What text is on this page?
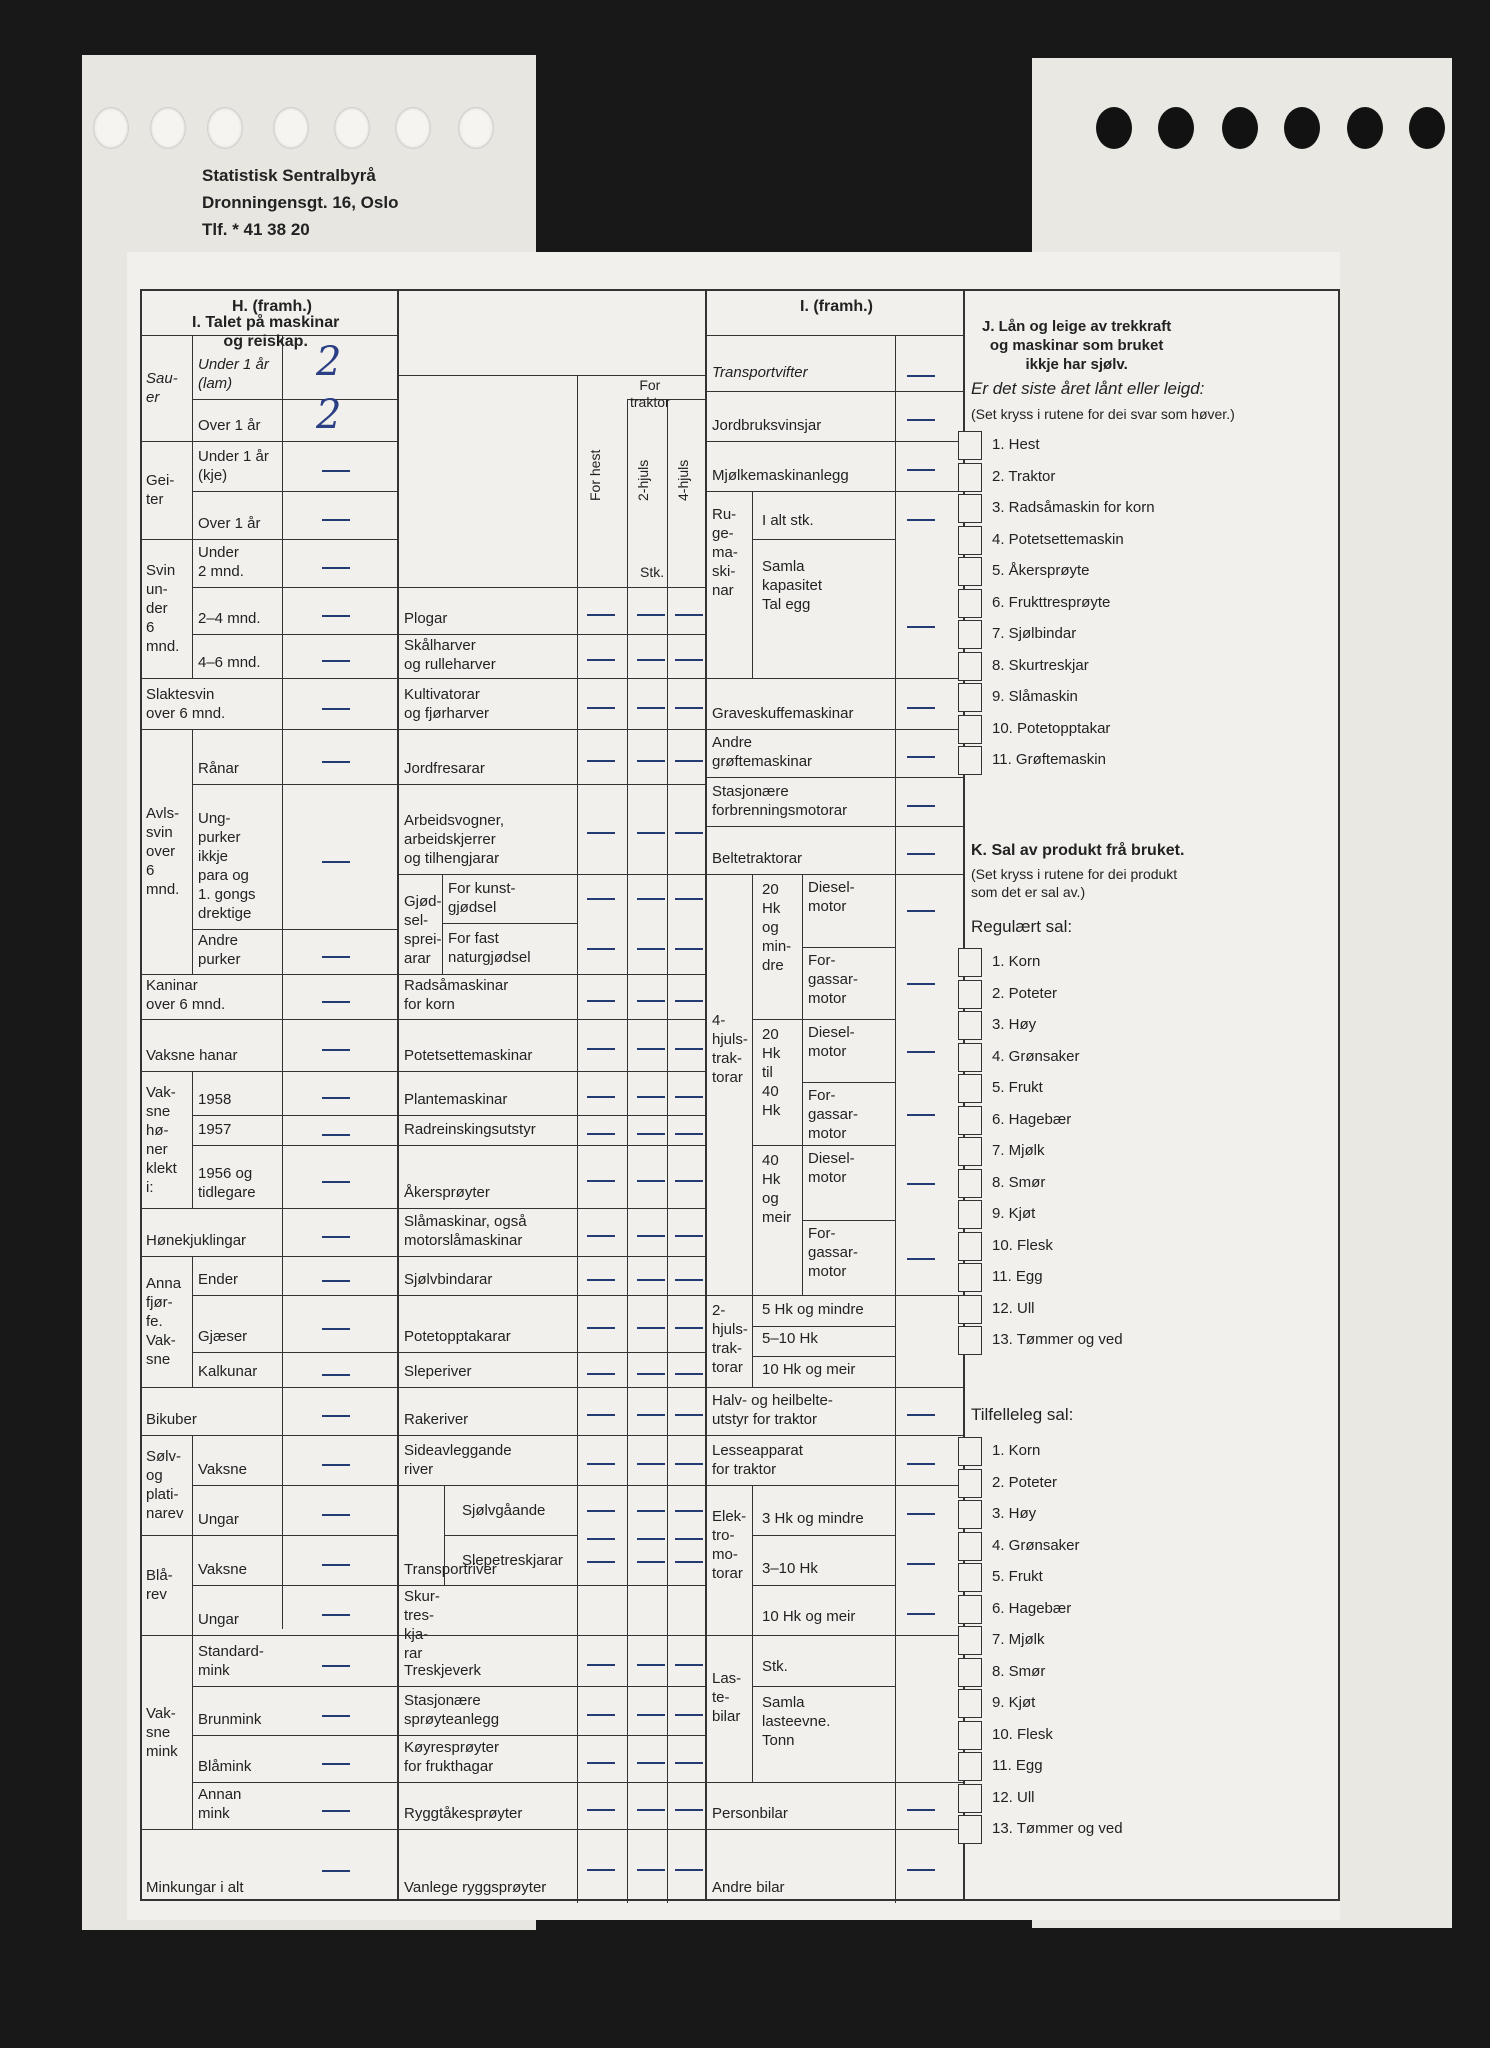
Statistisk Sentralbyrå
Dronningensgt. 16, Oslo
Tlf. * 41 38 20
H. (framh.)
Sau-
er
Gei-
ter
Svin
un-
der
6
mnd.
Avls-
svin
over
6
mnd.
Vak-
sne
hø-
ner
klekt
i:
Anna
fjør-
fe.
Vak-
sne
Sølv-
og
plati-
narev
Blå-
rev
Vak-
sne
mink
Under 1 år
(lam)	2
Over 1 år 2
Under 1 år
(kje)
Over 1 år
Under
2 mnd.
2–4 mnd.
4–6 mnd.
Slaktesvin
over 6 mnd.
Rånar
Ung-
purker
ikkje
para og
1. gongs
drektige
Andre
purker
Kaninar
over 6 mnd.
Vaksne hanar
1958
1957
1956 og
tidlegare
Hønekjuklingar
Ender
Gjæser
Kalkunar
Bikuber
Vaksne
Ungar
Vaksne
Ungar
Standard-
mink
Brunmink
Blåmink
Annan
mink
Minkungar i alt
I. Talet på maskinar
og reiskap.
For
traktor
For hest 2-hjuls 4-hjuls
Stk.
Plogar
Skålharver
og rulleharver
Kultivatorar
og fjørharver
Jordfresarar
Arbeidsvogner,
arbeidskjerrer
og tilhengjarar
Gjød-
sel-
sprei-
arar
Radsåmaskinar
for korn
Potetsettemaskinar
Plantemaskinar
Radreinskingsutstyr
Åkersprøyter
Slåmaskinar, også
motorslåmaskinar
Sjølvbindarar
Potetopptakarar
Sleperiver
Rakeriver
Sideavleggande
river
Transportriver
Skur-
tres-
kja-
rar
Treskjeverk
Stasjonære
sprøyteanlegg
Køyresprøyter
for frukthagar
Ryggtåkesprøyter
Vanlege ryggsprøyter
For kunst-
gjødsel
For fast
naturgjødsel
Sjølvgåande
Slepetreskjarar
I. (framh.)
Transportvifter
Jordbruksvinsjar
Mjølkemaskinanlegg
Graveskuffemaskinar
Andre
grøftemaskinar
Stasjonære
forbrenningsmotorar
Beltetraktorar
Halv- og heilbelte-
utstyr for traktor
Lesseapparat
for traktor
Personbilar
Andre bilar
Ru-
ge-
ma-
ski-
nar
I alt stk.
Samla
kapasitet
Tal egg
4-
hjuls-
trak-
torar
20
Hk
og
min-
dre
Diesel-
motor
For-
gassar-
motor
20
Hk
til
40
Hk
Diesel-
motor
For-
gassar-
motor
40
Hk
og
meir
Diesel-
motor
For-
gassar-
motor
2-
hjuls-
trak-
torar
5 Hk og mindre
5–10 Hk
10 Hk og meir
Elek-
tro-
mo-
torar
3 Hk og mindre
3–10 Hk
10 Hk og meir
Las-
te-
bilar
Stk.
Samla
lasteevne.
Tonn
J. Lån og leige av trekkraft
og maskinar som bruket
ikkje har sjølv.
Er det siste året lånt eller leigd:
(Set kryss i rutene for dei svar som høver.)
1. Hest
2. Traktor
3. Radsåmaskin for korn
4. Potetsettemaskin
5. Åkersprøyte
6. Frukttresprøyte
7. Sjølbindar
8. Skurtreskjar
9. Slåmaskin
10. Potetopptakar
11. Grøftemaskin
K. Sal av produkt frå bruket.
(Set kryss i rutene for dei produkt
som det er sal av.)
Regulært sal:
1. Korn
2. Poteter
3. Høy
4. Grønsaker
5. Frukt
6. Hagebær
7. Mjølk
8. Smør
9. Kjøt
10. Flesk
11. Egg
12. Ull
13. Tømmer og ved
Tilfelleleg sal:
1. Korn
2. Poteter
3. Høy
4. Grønsaker
5. Frukt
6. Hagebær
7. Mjølk
8. Smør
9. Kjøt
10. Flesk
11. Egg
12. Ull
13. Tømmer og ved
